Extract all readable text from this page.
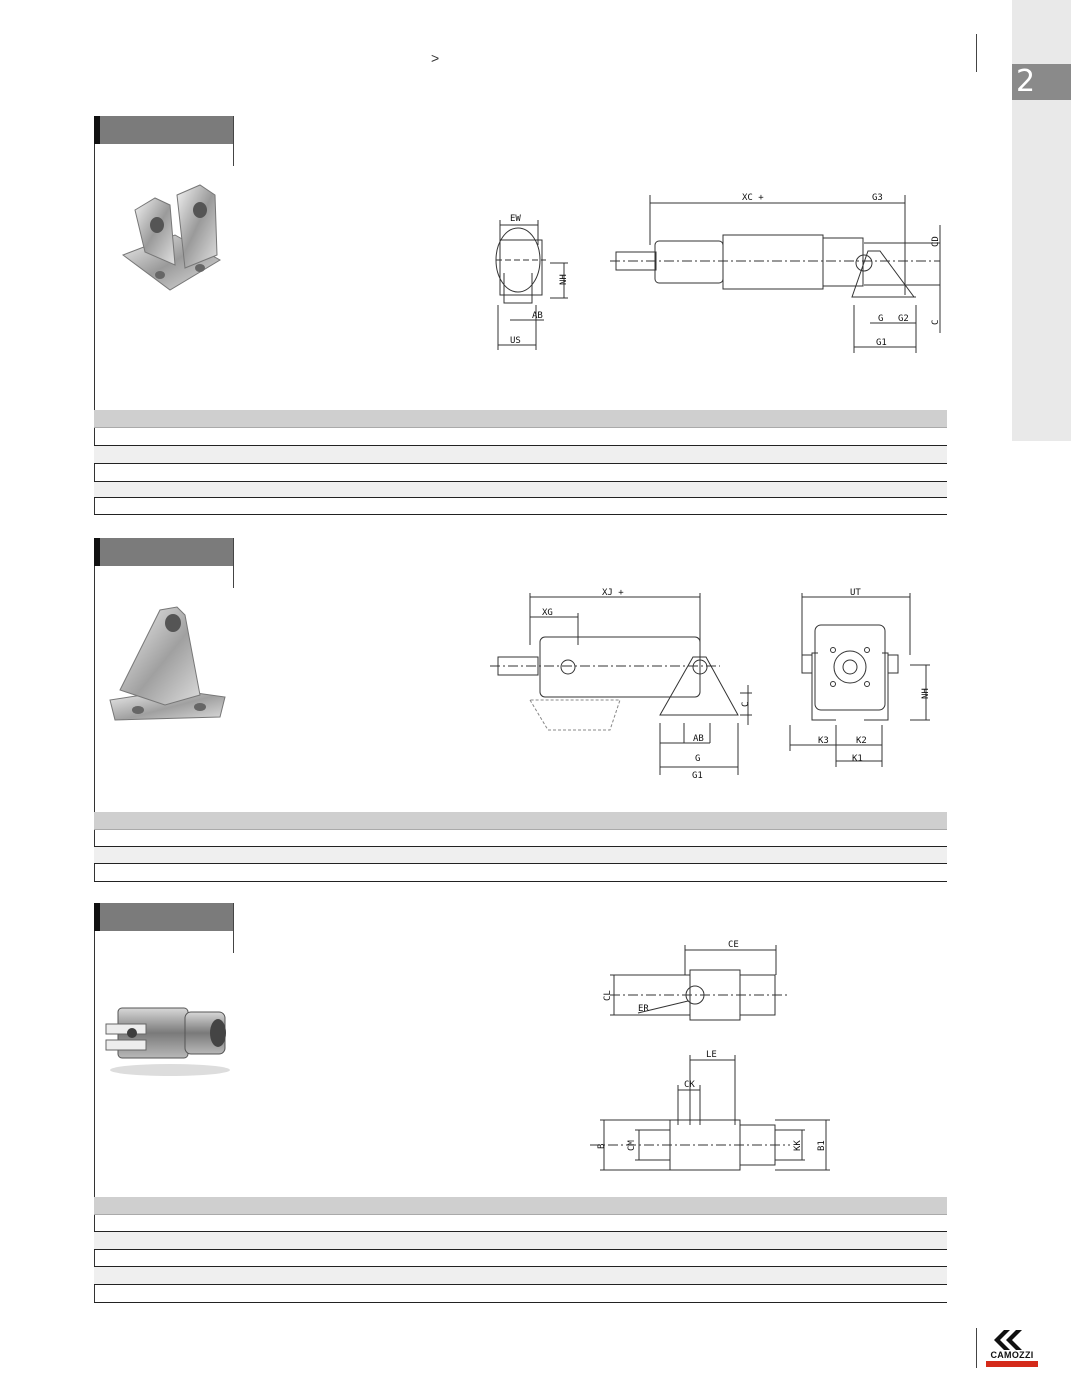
>
2
EW
NH
AB
US
XC +	G3
CD
G G2 C
G1
XJ +
XG
UT
C
NH
AB
G
G1
K3	K2
K1
CE
CL
ER
LE
CK
B CM	KK B1
CAMOZZI
